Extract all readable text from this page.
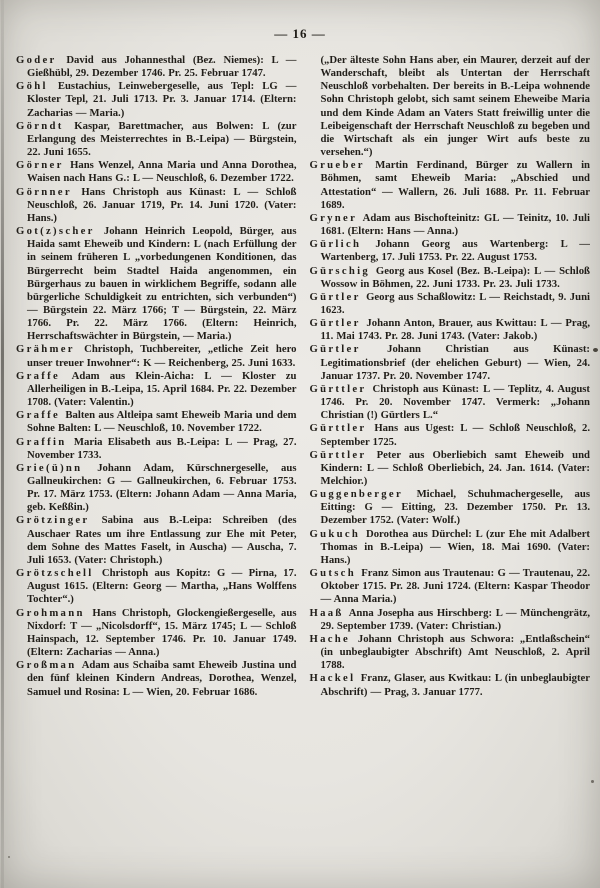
— 16 —

Goder David aus Johannesthal (Bez. Niemes): L — Gießhübl, 29. Dezember 1746. Pr. 25. Februar 1747.

Göhl Eustachius, Leinwebergeselle, aus Tepl: LG — Kloster Tepl, 21. Juli 1713. Pr. 3. Januar 1714. (Eltern: Zacharias — Maria.)

Görndt Kaspar, Barettmacher, aus Bolwen: L (zur Erlangung des Meisterrechtes in B.-Leipa) — Bürgstein, 22. Juni 1655.

Görner Hans Wenzel, Anna Maria und Anna Dorothea, Waisen nach Hans G.: L — Neuschloß, 6. Dezember 1722.

Görnner Hans Christoph aus Künast: L — Schloß Neuschloß, 26. Januar 1719, Pr. 14. Juni 1720. (Vater: Hans.)

Got(z)scher Johann Heinrich Leopold, Bürger, aus Haida samt Eheweib und Kindern: L (nach Erfüllung der in seinem früheren L „vorbedungenen Konditionen, das Bürgerrecht beim Stadtel Haida angenommen, ein Bürgerhaus zu bauen in wirklichem Begriffe, sodann alle bürgerliche Schuldigkeit zu entrichten, sich verbunden“) — Bürgstein 22. März 1766; T — Bürgstein, 22. März 1766. Pr. 22. März 1766. (Eltern: Heinrich, Herrschaftswächter in Bürgstein, — Maria.)

Grähmer Christoph, Tuchbereiter, „etliche Zeit hero unser treuer Inwohner“: K — Reichenberg, 25. Juni 1633.

Graffe Adam aus Klein-Aicha: L — Kloster zu Allerheiligen in B.-Leipa, 15. April 1684. Pr. 22. Dezember 1708. (Vater: Valentin.)

Graffe Balten aus Altleipa samt Eheweib Maria und dem Sohne Balten: L — Neuschloß, 10. November 1722.

Graffin Maria Elisabeth aus B.-Leipa: L — Prag, 27. November 1733.

Grie(ü)nn Johann Adam, Kürschnergeselle, aus Gallneukirchen: G — Gallneukirchen, 6. Februar 1753. Pr. 17. März 1753. (Eltern: Johann Adam — Anna Maria, geb. Keßßin.)

Grötzinger Sabina aus B.-Leipa: Schreiben (des Auschaer Rates um ihre Entlassung zur Ehe mit Peter, dem Sohne des Mattes Faselt, in Auscha) — Auscha, 7. Juli 1653. (Vater: Christoph.)

Grötzschell Christoph aus Kopitz: G — Pirna, 17. August 1615. (Eltern: Georg — Martha, „Hans Wolffens Tochter“.)

Grohmann Hans Christoph, Glockengießergeselle, aus Nixdorf: T — „Nicolsdorff“, 15. März 1745; L — Schloß Hainspach, 12. September 1746. Pr. 10. Januar 1749. (Eltern: Zacharias — Anna.)

Großman Adam aus Schaiba samt Eheweib Justina und den fünf kleinen Kindern Andreas, Dorothea, Wenzel, Samuel und Rosina: L — Wien, 20. Februar 1686.

(„Der älteste Sohn Hans aber, ein Maurer, derzeit auf der Wanderschaft, bleibt als Untertan der Herrschaft Neuschloß vorbehalten. Der bereits in B.-Leipa wohnende Sohn Christoph gelobt, sich samt seinem Eheweibe Maria und dem Kinde Adam an Vaters Statt freiwillig unter die Leibeigenschaft der Herrschaft Neuschloß zu begeben und die Wirtschaft als ein junger Wirt aufs beste zu versehen.“)

Grueber Martin Ferdinand, Bürger zu Wallern in Böhmen, samt Eheweib Maria: „Abschied und Attestation“ — Wallern, 26. Juli 1688. Pr. 11. Februar 1689.

Gryner Adam aus Bischofteinitz: GL — Teinitz, 10. Juli 1681. (Eltern: Hans — Anna.)

Gürlich Johann Georg aus Wartenberg: L — Wartenberg, 17. Juli 1753. Pr. 22. August 1753.

Gürschig Georg aus Kosel (Bez. B.-Leipa): L — Schloß Wossow in Böhmen, 22. Juni 1733. Pr. 23. Juli 1733.

Gürtler Georg aus Schaßlowitz: L — Reichstadt, 9. Juni 1623.

Gürtler Johann Anton, Brauer, aus Kwittau: L — Prag, 11. Mai 1743. Pr. 28. Juni 1743. (Vater: Jakob.)

Gürtler Johann Christian aus Künast: Legitimationsbrief (der ehelichen Geburt) — Wien, 24. Januar 1737. Pr. 20. November 1747.

Gürttler Christoph aus Künast: L — Teplitz, 4. August 1746. Pr. 20. November 1747. Vermerk: „Johann Christian (!) Gürtlers L.“

Gürttler Hans aus Ugest: L — Schloß Neuschloß, 2. September 1725.

Gürttler Peter aus Oberliebich samt Eheweib und Kindern: L — Schloß Oberliebich, 24. Jan. 1614. (Vater: Melchior.)

Guggenberger Michael, Schuhmachergeselle, aus Eitting: G — Eitting, 23. Dezember 1750. Pr. 13. Dezember 1752. (Vater: Wolf.)

Gukuch Dorothea aus Dürchel: L (zur Ehe mit Adalbert Thomas in B.-Leipa) — Wien, 18. Mai 1690. (Vater: Hans.)

Gutsch Franz Simon aus Trautenau: G — Trautenau, 22. Oktober 1715. Pr. 28. Juni 1724. (Eltern: Kaspar Theodor — Anna Maria.)

Haaß Anna Josepha aus Hirschberg: L — Münchengrätz, 29. September 1739. (Vater: Christian.)

Hache Johann Christoph aus Schwora: „Entlaßschein“ (in unbeglaubigter Abschrift) Amt Neuschloß, 2. April 1788.

Hackel Franz, Glaser, aus Kwitkau: L (in unbeglaubigter Abschrift) — Prag, 3. Januar 1777.
